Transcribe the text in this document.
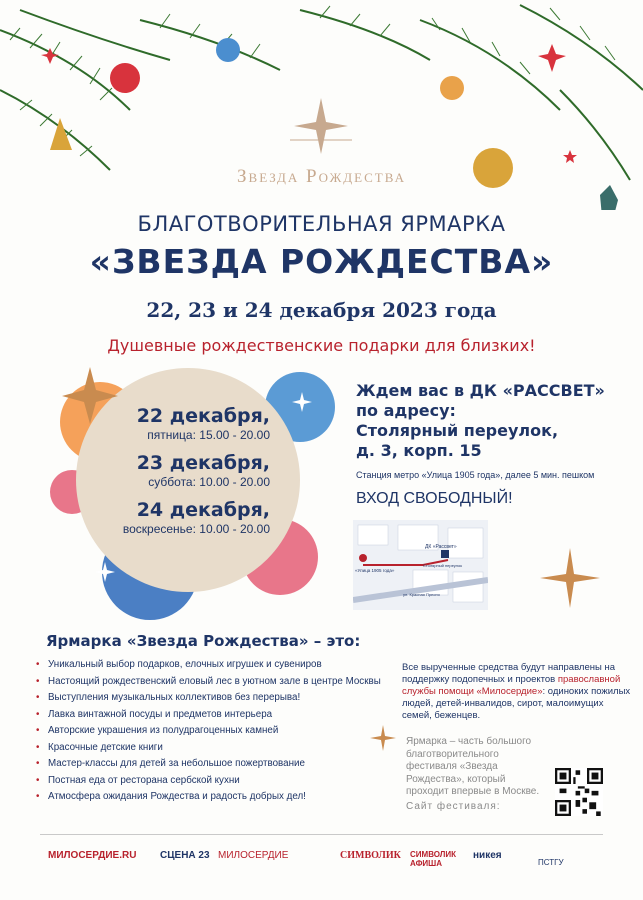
Звезда Рождества
БЛАГОТВОРИТЕЛЬНАЯ ЯРМАРКА
«ЗВЕЗДА РОЖДЕСТВА»
22, 23 и 24 декабря 2023 года
Душевные рождественские подарки для близких!

22 декабря,

пятница: 15.00 - 20.00

23 декабря,

суббота: 10.00 - 20.00

24 декабря,

воскресенье: 10.00 - 20.00

Ждем вас в ДК «РАССВЕТ»
по адресу:
Столярный переулок,
д. 3, корп. 15
Станция метро «Улица 1905 года», далее 5 мин. пешком
ВХОД СВОБОДНЫЙ!
ДК «Рассвет»
«Улица 1905 года»
Столярный переулок
ул. Красная Пресня
Ярмарка «Звезда Рождества» – это:
• Уникальный выбор подарков, елочных игрушек и сувениров
• Настоящий рождественский еловый лес в уютном зале в центре Москвы
• Выступления музыкальных коллективов без перерыва!
• Лавка винтажной посуды и предметов интерьера
• Авторские украшения из полудрагоценных камней
• Красочные детские книги
• Мастер-классы для детей за небольшое пожертвование
• Постная еда от ресторана сербской кухни
• Атмосфера ожидания Рождества и радость добрых дел!
Все вырученные средства будут направлены на поддержку подопечных и проектов православной службы помощи «Милосердие»: одиноких пожилых людей, детей-инвалидов, сирот, малоимущих семей, беженцев.
Ярмарка – часть большого благотворительного фестиваля «Звезда Рождества», который проходит впервые в Москве.
Сайт фестиваля:
МИЛОСЕРДИЕ.RU СЦЕНА 23 МИЛОСЕРДИЕ	СИМВОЛИК СИМВОЛИК АФИША
никея
ПСТГУ
